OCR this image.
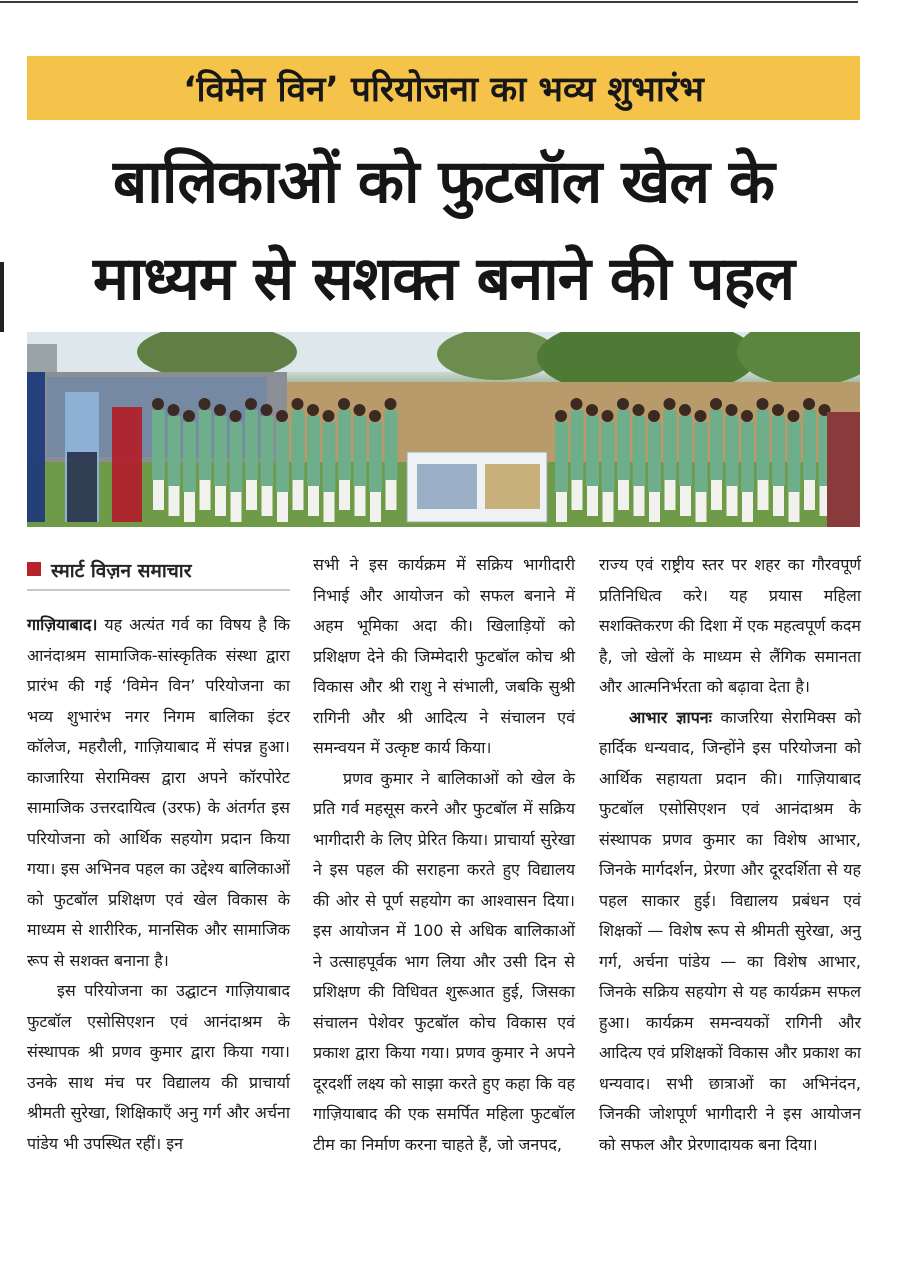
‘विमेन विन’ परियोजना का भव्य शुभारंभ
बालिकाओं को फुटबॉल खेल के
माध्यम से सशक्त बनाने की पहल
स्मार्ट विज़न समाचार

गाज़ियाबाद। यह अत्यंत गर्व का विषय है कि आनंदाश्रम सामाजिक-सांस्कृतिक संस्था द्वारा प्रारंभ की गई ‘विमेन विन’ परियोजना का भव्य शुभारंभ नगर निगम बालिका इंटर कॉलेज, महरौली, गाज़ियाबाद में संपन्न हुआ। काजारिया सेरामिक्स द्वारा अपने कॉरपोरेट सामाजिक उत्तरदायित्व (उरफ) के अंतर्गत इस परियोजना को आर्थिक सहयोग प्रदान किया गया। इस अभिनव पहल का उद्देश्य बालिकाओं को फुटबॉल प्रशिक्षण एवं खेल विकास के माध्यम से शारीरिक, मानसिक और सामाजिक रूप से सशक्त बनाना है।

इस परियोजना का उद्घाटन गाज़ियाबाद फुटबॉल एसोसिएशन एवं आनंदाश्रम के संस्थापक श्री प्रणव कुमार द्वारा किया गया। उनके साथ मंच पर विद्यालय की प्राचार्या श्रीमती सुरेखा, शिक्षिकाएँ अनु गर्ग और अर्चना पांडेय भी उपस्थित रहीं। इन

सभी ने इस कार्यक्रम में सक्रिय भागीदारी निभाई और आयोजन को सफल बनाने में अहम भूमिका अदा की। खिलाड़ियों को प्रशिक्षण देने की जिम्मेदारी फुटबॉल कोच श्री विकास और श्री राशु ने संभाली, जबकि सुश्री रागिनी और श्री आदित्य ने संचालन एवं समन्वयन में उत्कृष्ट कार्य किया।

प्रणव कुमार ने बालिकाओं को खेल के प्रति गर्व महसूस करने और फुटबॉल में सक्रिय भागीदारी के लिए प्रेरित किया। प्राचार्या सुरेखा ने इस पहल की सराहना करते हुए विद्यालय की ओर से पूर्ण सहयोग का आश्वासन दिया। इस आयोजन में 100 से अधिक बालिकाओं ने उत्साहपूर्वक भाग लिया और उसी दिन से प्रशिक्षण की विधिवत शुरूआत हुई, जिसका संचालन पेशेवर फुटबॉल कोच विकास एवं प्रकाश द्वारा किया गया। प्रणव कुमार ने अपने दूरदर्शी लक्ष्य को साझा करते हुए कहा कि वह गाज़ियाबाद की एक समर्पित महिला फुटबॉल टीम का निर्माण करना चाहते हैं, जो जनपद,

राज्य एवं राष्ट्रीय स्तर पर शहर का गौरवपूर्ण प्रतिनिधित्व करे। यह प्रयास महिला सशक्तिकरण की दिशा में एक महत्वपूर्ण कदम है, जो खेलों के माध्यम से लैंगिक समानता और आत्मनिर्भरता को बढ़ावा देता है।

आभार ज्ञापनः काजरिया सेरामिक्स को हार्दिक धन्यवाद, जिन्होंने इस परियोजना को आर्थिक सहायता प्रदान की। गाज़ियाबाद फुटबॉल एसोसिएशन एवं आनंदाश्रम के संस्थापक प्रणव कुमार का विशेष आभार, जिनके मार्गदर्शन, प्रेरणा और दूरदर्शिता से यह पहल साकार हुई। विद्यालय प्रबंधन एवं शिक्षकों — विशेष रूप से श्रीमती सुरेखा, अनु गर्ग, अर्चना पांडेय — का विशेष आभार, जिनके सक्रिय सहयोग से यह कार्यक्रम सफल हुआ। कार्यक्रम समन्वयकों रागिनी और आदित्य एवं प्रशिक्षकों विकास और प्रकाश का धन्यवाद। सभी छात्राओं का अभिनंदन, जिनकी जोशपूर्ण भागीदारी ने इस आयोजन को सफल और प्रेरणादायक बना दिया।
